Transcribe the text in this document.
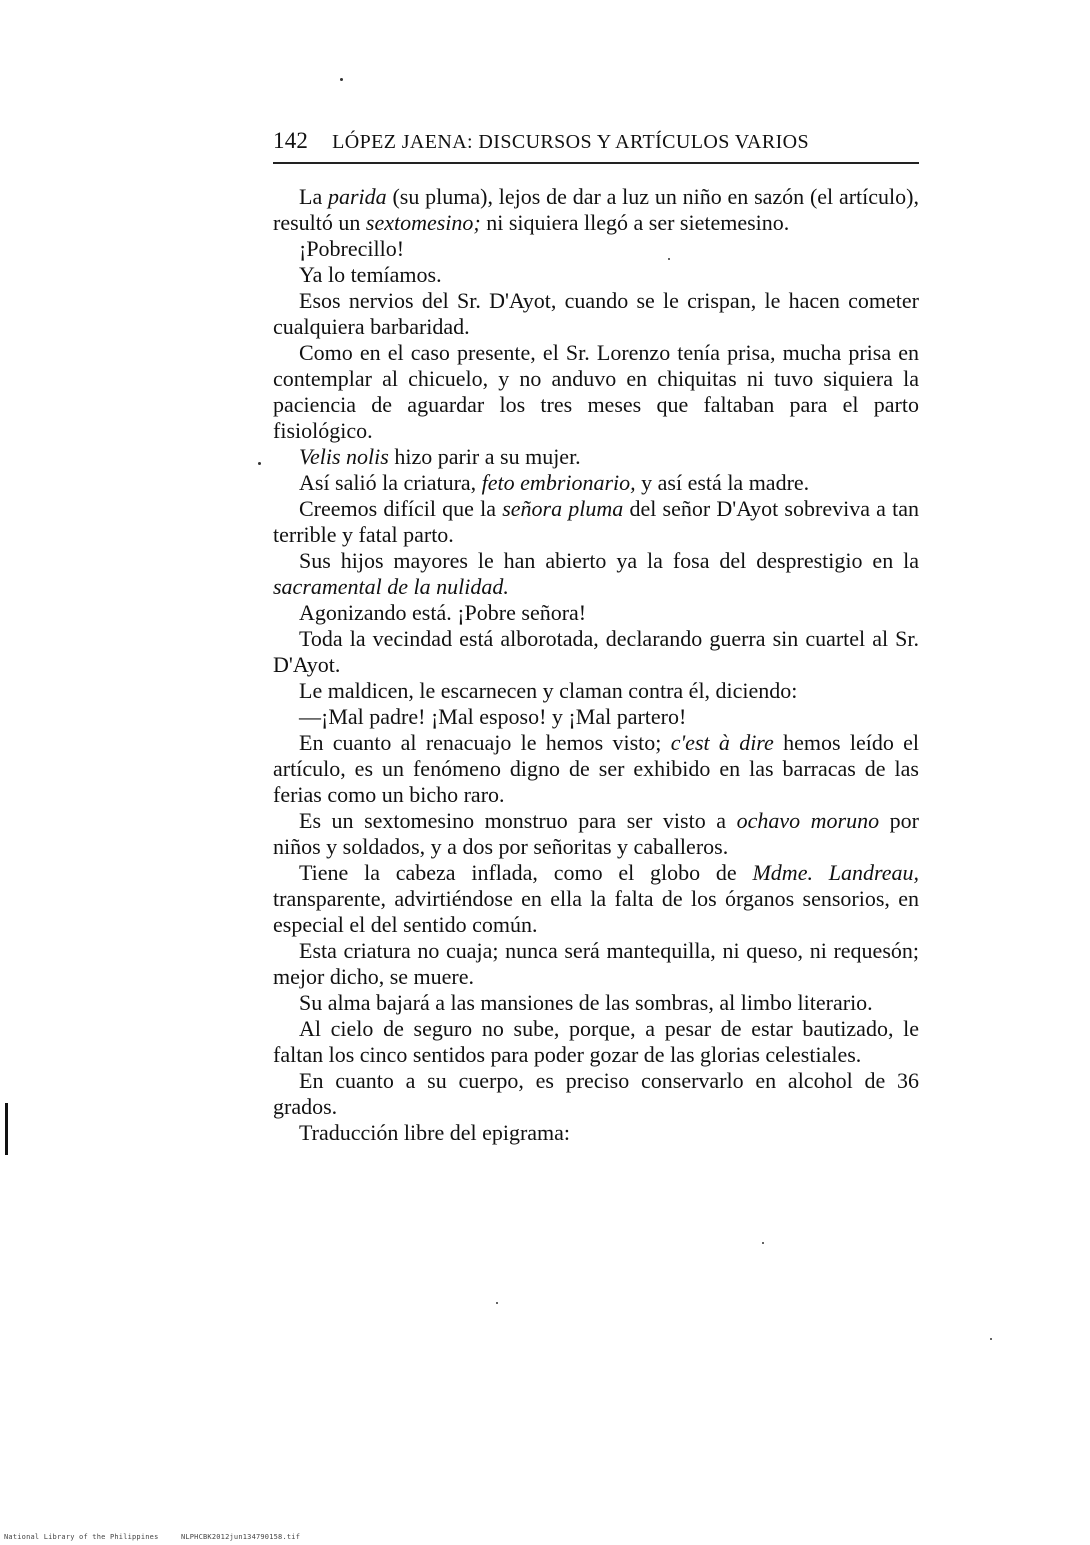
142 LÓPEZ JAENA: DISCURSOS Y ARTÍCULOS VARIOS

La parida (su pluma), lejos de dar a luz un niño en sazón (el artículo), resultó un sextomesino; ni siquiera llegó a ser sietemesino.

¡Pobrecillo!

Ya lo temíamos.

Esos nervios del Sr. D'Ayot, cuando se le crispan, le hacen cometer cualquiera barbaridad.

Como en el caso presente, el Sr. Lorenzo tenía prisa, mucha prisa en contemplar al chicuelo, y no anduvo en chiquitas ni tuvo siquiera la paciencia de aguardar los tres meses que faltaban para el parto fisiológico.

Velis nolis hizo parir a su mujer.

Así salió la criatura, feto embrionario, y así está la madre.

Creemos difícil que la señora pluma del señor D'Ayot sobreviva a tan terrible y fatal parto.

Sus hijos mayores le han abierto ya la fosa del desprestigio en la sacramental de la nulidad.

Agonizando está. ¡Pobre señora!

Toda la vecindad está alborotada, declarando guerra sin cuartel al Sr. D'Ayot.

Le maldicen, le escarnecen y claman contra él, diciendo:

—¡Mal padre! ¡Mal esposo! y ¡Mal partero!

En cuanto al renacuajo le hemos visto; c'est à dire hemos leído el artículo, es un fenómeno digno de ser exhibido en las barracas de las ferias como un bicho raro.

Es un sextomesino monstruo para ser visto a ochavo moruno por niños y soldados, y a dos por señoritas y caballeros.

Tiene la cabeza inflada, como el globo de Mdme. Landreau, transparente, advirtiéndose en ella la falta de los órganos sensorios, en especial el del sentido común.

Esta criatura no cuaja; nunca será mantequilla, ni queso, ni requesón; mejor dicho, se muere.

Su alma bajará a las mansiones de las sombras, al limbo literario.

Al cielo de seguro no sube, porque, a pesar de estar bautizado, le faltan los cinco sentidos para poder gozar de las glorias celestiales.

En cuanto a su cuerpo, es preciso conservarlo en alcohol de 36 grados.

Traducción libre del epigrama:

National Library of the Philippines	NLPHCBK2012jun134790158.tif
